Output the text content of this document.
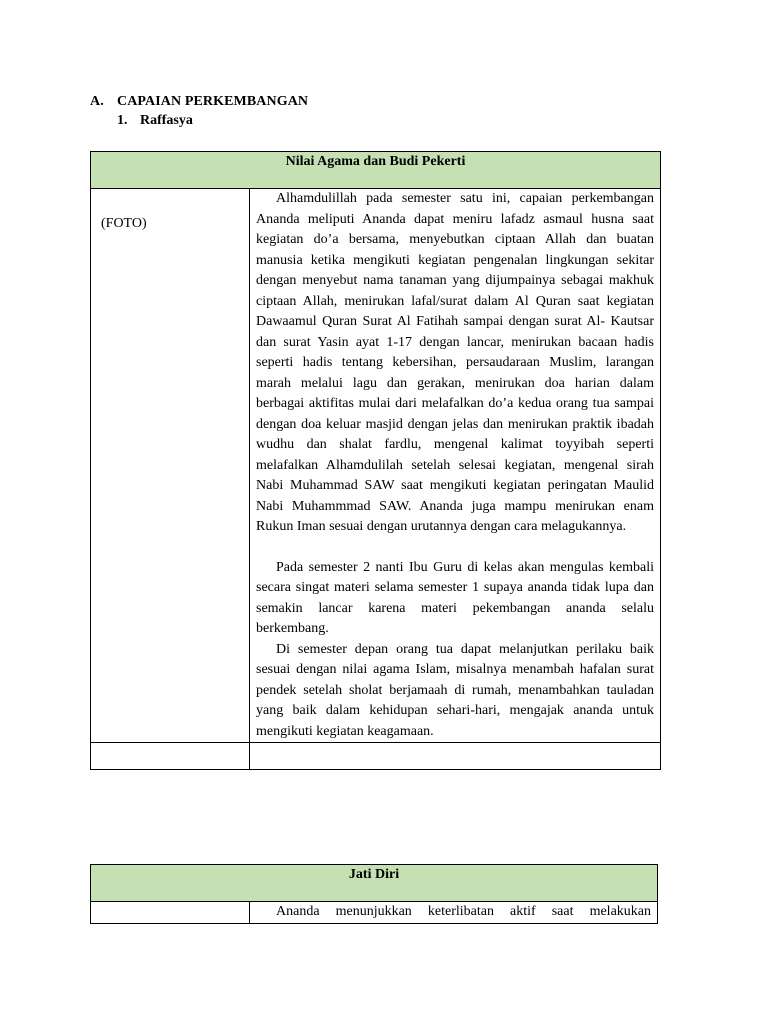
A. CAPAIAN PERKEMBANGAN
1. Raffasya
Nilai Agama dan Budi Pekerti	

(FOTO)	Alhamdulillah pada semester satu ini, capaian perkembangan Ananda meliputi Ananda dapat meniru lafadz asmaul husna saat kegiatan do’a bersama, menyebutkan ciptaan Allah dan buatan manusia ketika mengikuti kegiatan pengenalan lingkungan sekitar dengan menyebut nama tanaman yang dijumpainya sebagai makhuk ciptaan Allah, menirukan lafal/surat dalam Al Quran saat kegiatan Dawaamul Quran Surat Al Fatihah sampai dengan surat Al- Kautsar dan surat Yasin ayat 1-17 dengan lancar, menirukan bacaan hadis seperti hadis tentang kebersihan, persaudaraan Muslim, larangan marah melalui lagu dan gerakan, menirukan doa harian dalam berbagai aktifitas mulai dari melafalkan do’a kedua orang tua sampai dengan doa keluar masjid dengan jelas dan menirukan praktik ibadah wudhu dan shalat fardlu, mengenal kalimat toyyibah seperti melafalkan Alhamdulilah setelah selesai kegiatan, mengenal sirah Nabi Muhammad SAW saat mengikuti kegiatan peringatan Maulid Nabi Muhammmad SAW. Ananda juga mampu menirukan enam Rukun Iman sesuai dengan urutannya dengan cara melagukannya.

Pada semester 2 nanti Ibu Guru di kelas akan mengulas kembali secara singat materi selama semester 1 supaya ananda tidak lupa dan semakin lancar karena materi pekembangan ananda selalu berkembang.

Di semester depan orang tua dapat melanjutkan perilaku baik sesuai dengan nilai agama Islam, misalnya menambah hafalan surat pendek setelah sholat berjamaah di rumah, menambahkan tauladan yang baik dalam kehidupan sehari-hari, mengajak ananda untuk mengikuti kegiatan keagamaan.

Jati Diri

Ananda menunjukkan keterlibatan aktif saat melakukan
